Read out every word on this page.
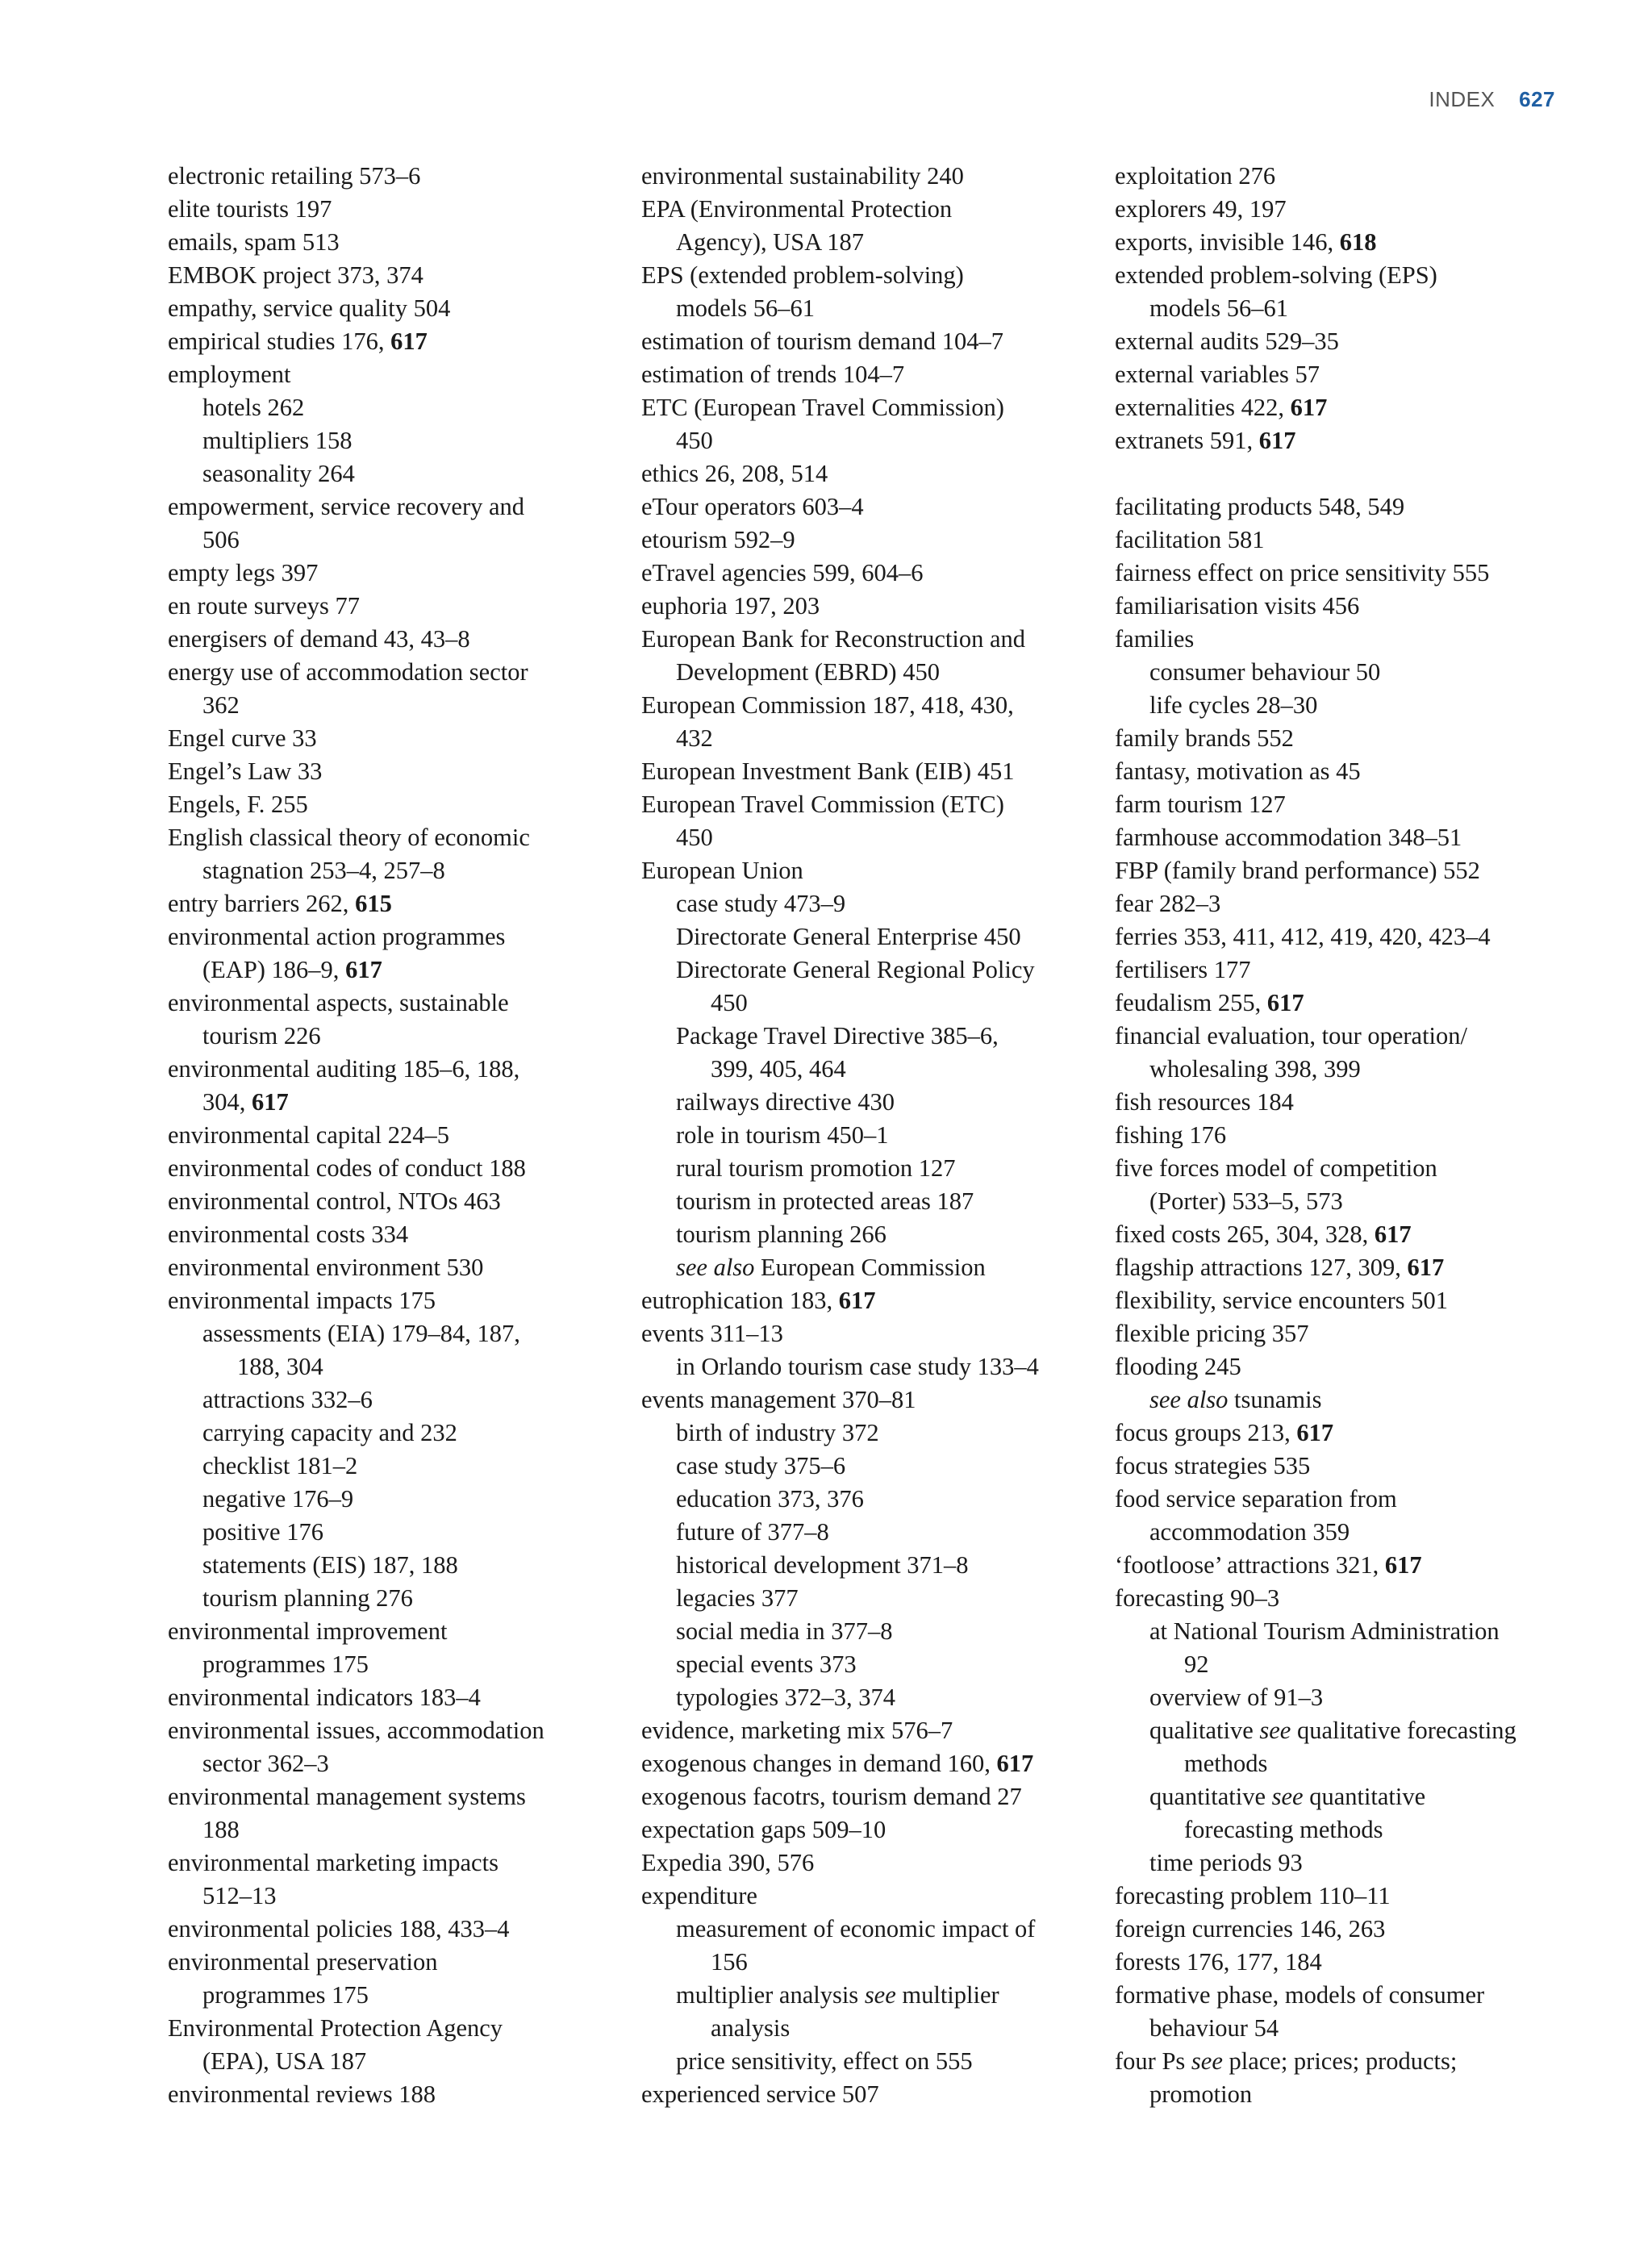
INDEX 627
electronic retailing 573–6
elite tourists 197
emails, spam 513
EMBOK project 373, 374
empathy, service quality 504
empirical studies 176, 617
employment
hotels 262
multipliers 158
seasonality 264
empowerment, service recovery and
506
empty legs 397
en route surveys 77
energisers of demand 43, 43–8
energy use of accommodation sector
362
Engel curve 33
Engel’s Law 33
Engels, F. 255
English classical theory of economic
stagnation 253–4, 257–8
entry barriers 262, 615
environmental action programmes
(EAP) 186–9, 617
environmental aspects, sustainable
tourism 226
environmental auditing 185–6, 188,
304, 617
environmental capital 224–5
environmental codes of conduct 188
environmental control, NTOs 463
environmental costs 334
environmental environment 530
environmental impacts 175
assessments (EIA) 179–84, 187,
188, 304
attractions 332–6
carrying capacity and 232
checklist 181–2
negative 176–9
positive 176
statements (EIS) 187, 188
tourism planning 276
environmental improvement
programmes 175
environmental indicators 183–4
environmental issues, accommodation
sector 362–3
environmental management systems
188
environmental marketing impacts
512–13
environmental policies 188, 433–4
environmental preservation
programmes 175
Environmental Protection Agency
(EPA), USA 187
environmental reviews 188
environmental sustainability 240
EPA (Environmental Protection
Agency), USA 187
EPS (extended problem-solving)
models 56–61
estimation of tourism demand 104–7
estimation of trends 104–7
ETC (European Travel Commission)
450
ethics 26, 208, 514
eTour operators 603–4
etourism 592–9
eTravel agencies 599, 604–6
euphoria 197, 203
European Bank for Reconstruction and
Development (EBRD) 450
European Commission 187, 418, 430,
432
European Investment Bank (EIB) 451
European Travel Commission (ETC)
450
European Union
case study 473–9
Directorate General Enterprise 450
Directorate General Regional Policy
450
Package Travel Directive 385–6,
399, 405, 464
railways directive 430
role in tourism 450–1
rural tourism promotion 127
tourism in protected areas 187
tourism planning 266
see also European Commission
eutrophication 183, 617
events 311–13
in Orlando tourism case study 133–4
events management 370–81
birth of industry 372
case study 375–6
education 373, 376
future of 377–8
historical development 371–8
legacies 377
social media in 377–8
special events 373
typologies 372–3, 374
evidence, marketing mix 576–7
exogenous changes in demand 160, 617
exogenous facotrs, tourism demand 27
expectation gaps 509–10
Expedia 390, 576
expenditure
measurement of economic impact of
156
multiplier analysis see multiplier
analysis
price sensitivity, effect on 555
experienced service 507
exploitation 276
explorers 49, 197
exports, invisible 146, 618
extended problem-solving (EPS)
models 56–61
external audits 529–35
external variables 57
externalities 422, 617
extranets 591, 617
facilitating products 548, 549
facilitation 581
fairness effect on price sensitivity 555
familiarisation visits 456
families
consumer behaviour 50
life cycles 28–30
family brands 552
fantasy, motivation as 45
farm tourism 127
farmhouse accommodation 348–51
FBP (family brand performance) 552
fear 282–3
ferries 353, 411, 412, 419, 420, 423–4
fertilisers 177
feudalism 255, 617
financial evaluation, tour operation/
wholesaling 398, 399
fish resources 184
fishing 176
five forces model of competition
(Porter) 533–5, 573
fixed costs 265, 304, 328, 617
flagship attractions 127, 309, 617
flexibility, service encounters 501
flexible pricing 357
flooding 245
see also tsunamis
focus groups 213, 617
focus strategies 535
food service separation from
accommodation 359
‘footloose’ attractions 321, 617
forecasting 90–3
at National Tourism Administration
92
overview of 91–3
qualitative see qualitative forecasting
methods
quantitative see quantitative
forecasting methods
time periods 93
forecasting problem 110–11
foreign currencies 146, 263
forests 176, 177, 184
formative phase, models of consumer
behaviour 54
four Ps see place; prices; products;
promotion
